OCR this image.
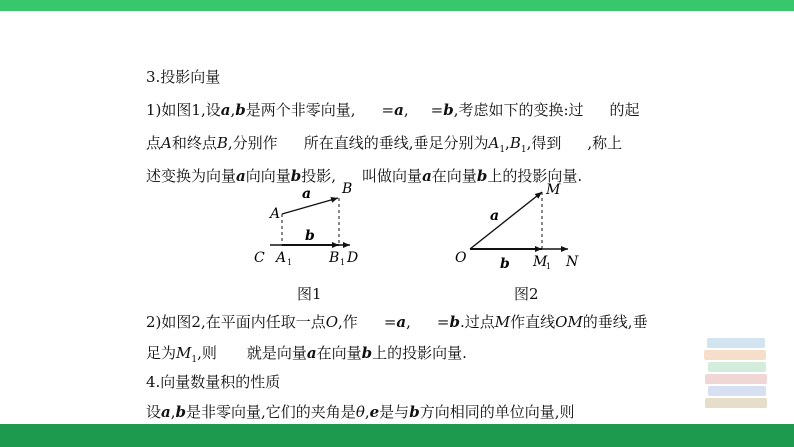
3.投影向量
1)如图1,设a,b是两个非零向量, =a, =b,考虑如下的变换:过 的起
点A和终点B,分别作 所在直线的垂线,垂足分别为$A_1,B_1$,得到 ,称上
述变换为向量a向向量b投影, 叫做向量a在向量b上的投影向量.
A
B
a
b
C A 1	B 1 D
图1
O
M
a
b M
1 N
图2
2)如图2,在平面内任取一点O,作 =a, =b.过点M作直线OM的垂线,垂
足为$M_1$,则 就是向量a在向量b上的投影向量.
4.向量数量积的性质
设a,b是非零向量,它们的夹角是θ,e是与b方向相同的单位向量,则
